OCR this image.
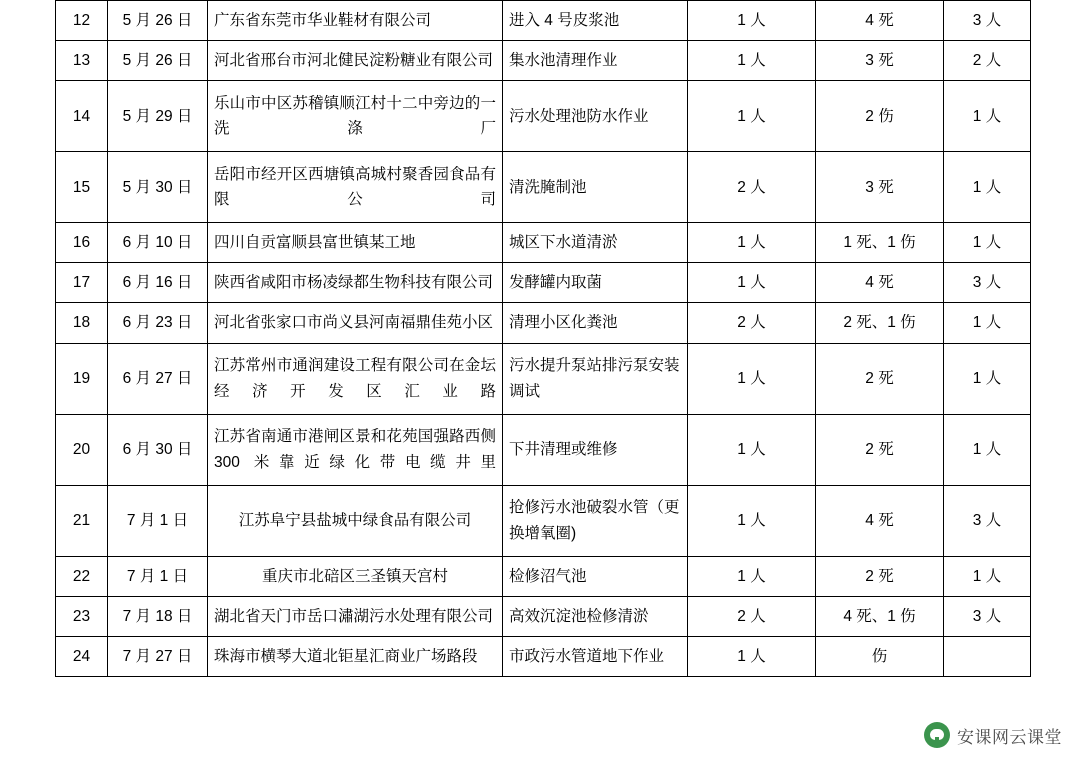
12	5 月 26 日	广东省东莞市华业鞋材有限公司	进入 4 号皮浆池	1 人	4 死	3 人
13	5 月 26 日	河北省邢台市河北健民淀粉糖业有限公司	集水池清理作业	1 人	3 死	2 人
14	5 月 29 日	乐山市中区苏稽镇顺江村十二中旁边的一洗涤厂	污水处理池防水作业	1 人	2 伤	1 人
15	5 月 30 日	岳阳市经开区西塘镇高城村聚香园食品有限公司	清洗腌制池	2 人	3 死	1 人
16	6 月 10 日	四川自贡富顺县富世镇某工地	城区下水道清淤	1 人	1 死、1 伤	1 人
17	6 月 16 日	陕西省咸阳市杨凌绿都生物科技有限公司	发酵罐内取菌	1 人	4 死	3 人
18	6 月 23 日	河北省张家口市尚义县河南福鼎佳苑小区	清理小区化粪池	2 人	2 死、1 伤	1 人
19	6 月 27 日	江苏常州市通润建设工程有限公司在金坛经济开发区汇业路	污水提升泵站排污泵安装调试	1 人	2 死	1 人
20	6 月 30 日	江苏省南通市港闸区景和花苑国强路西侧 300 米靠近绿化带电缆井里	下井清理或维修	1 人	2 死	1 人
21	7 月 1 日	江苏阜宁县盐城中绿食品有限公司	抢修污水池破裂水管（更换增氧圈)	1 人	4 死	3 人
22	7 月 1 日	重庆市北碚区三圣镇天宫村	检修沼气池	1 人	2 死	1 人
23	7 月 18 日	湖北省天门市岳口潚湖污水处理有限公司	高效沉淀池检修清淤	2 人	4 死、1 伤	3 人
24	7 月 27 日	珠海市横琴大道北钜星汇商业广场路段	市政污水管道地下作业	1 人	伤	
安课网云课堂
